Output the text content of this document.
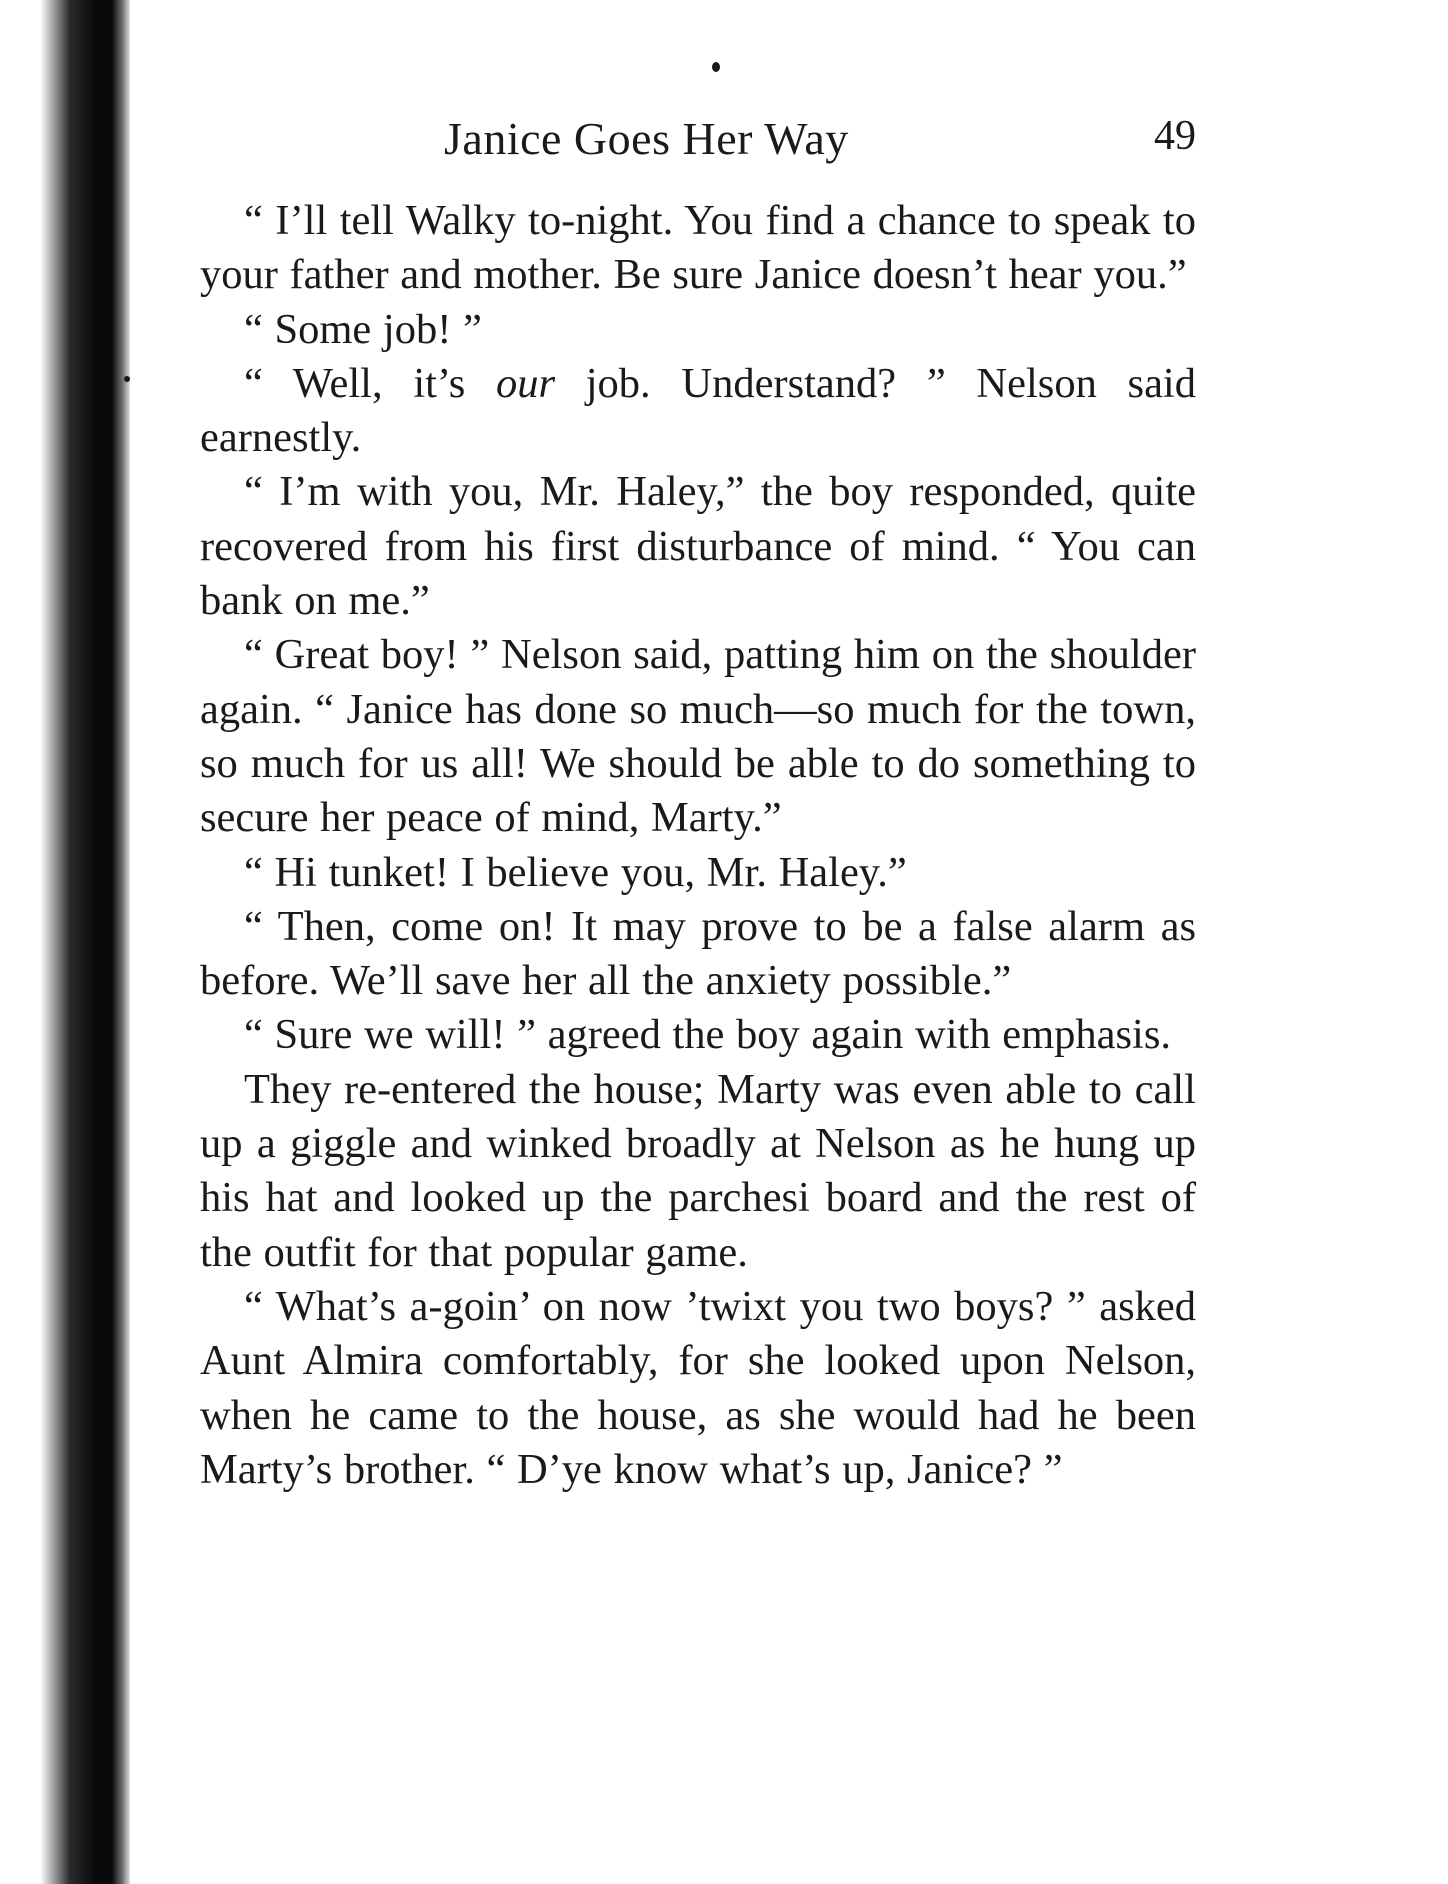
Janice Goes Her Way	49

“ I’ll tell Walky to-night. You find a chance to speak to your father and mother. Be sure Janice doesn’t hear you.”

“ Some job! ”

“ Well, it’s our job. Understand? ” Nelson said earnestly.

“ I’m with you, Mr. Haley,” the boy responded, quite recovered from his first disturbance of mind. “ You can bank on me.”

“ Great boy! ” Nelson said, patting him on the shoulder again. “ Janice has done so much—so much for the town, so much for us all! We should be able to do something to secure her peace of mind, Marty.”

“ Hi tunket! I believe you, Mr. Haley.”

“ Then, come on! It may prove to be a false alarm as before. We’ll save her all the anxiety possible.”

“ Sure we will! ” agreed the boy again with emphasis.

They re-entered the house; Marty was even able to call up a giggle and winked broadly at Nelson as he hung up his hat and looked up the parchesi board and the rest of the outfit for that popular game.

“ What’s a-goin’ on now ’twixt you two boys? ” asked Aunt Almira comfortably, for she looked upon Nelson, when he came to the house, as she would had he been Marty’s brother. “ D’ye know what’s up, Janice? ”
